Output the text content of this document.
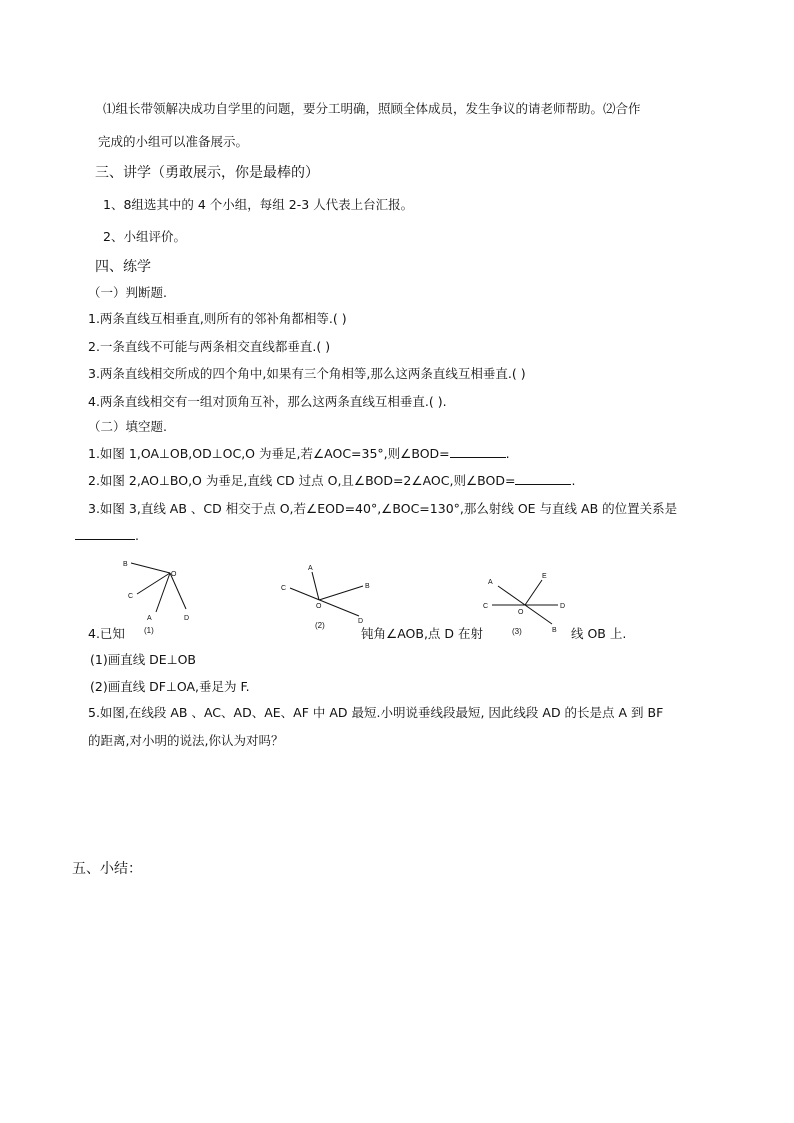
⑴组长带领解决成功自学里的问题，要分工明确，照顾全体成员，发生争议的请老师帮助。⑵合作
完成的小组可以准备展示。
三、讲学（勇敢展示，你是最棒的）
1、8组选其中的 4 个小组，每组 2-3 人代表上台汇报。
2、小组评价。
四、练学
（一）判断题.
1.两条直线互相垂直,则所有的邻补角都相等.( )
2.一条直线不可能与两条相交直线都垂直.( )
3.两条直线相交所成的四个角中,如果有三个角相等,那么这两条直线互相垂直.( )
4.两条直线相交有一组对顶角互补，那么这两条直线互相垂直.( ).
（二）填空题.
1.如图 1,OA⊥OB,OD⊥OC,O 为垂足,若∠AOC=35°,则∠BOD=	.
2.如图 2,AO⊥BO,O 为垂足,直线 CD 过点 O,且∠BOD=2∠AOC,则∠BOD=	.
3.如图 3,直线 AB 、CD 相交于点 O,若∠EOD=40°,∠BOC=130°,那么射线 OE 与直线 AB 的位置关系是
.
B
O
C
A	D
(1)
A
B
C
O
D
(2)
A
E
C
O
D
B
(3)
4.已知	钝角∠AOB,点 D 在射	线 OB 上.
(1)画直线 DE⊥OB
(2)画直线 DF⊥OA,垂足为 F.
5.如图,在线段 AB 、AC、AD、AE、AF 中 AD 最短.小明说垂线段最短, 因此线段 AD 的长是点 A 到 BF
的距离,对小明的说法,你认为对吗？
五、小结：
